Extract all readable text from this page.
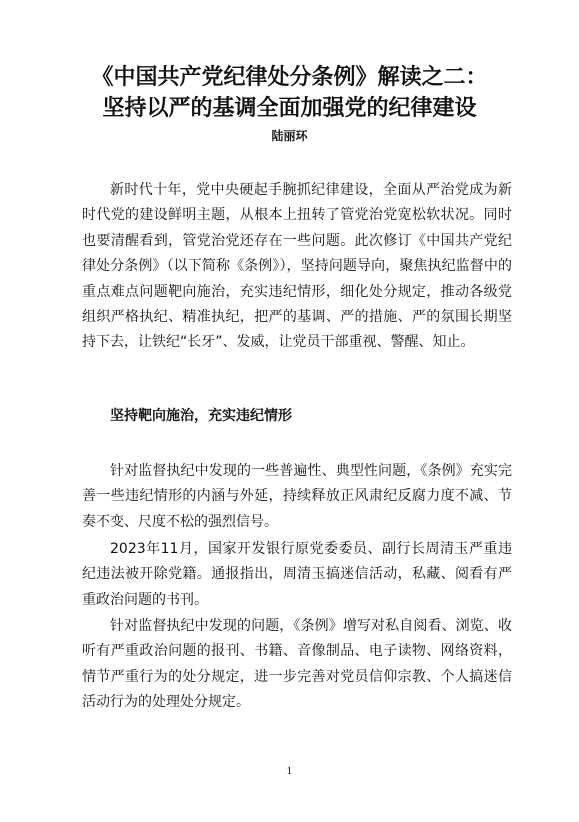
《中国共产党纪律处分条例》解读之二：
坚持以严的基调全面加强党的纪律建设
陆丽环

新时代十年，党中央硬起手腕抓纪律建设，全面从严治党成为新时代党的建设鲜明主题，从根本上扭转了管党治党宽松软状况。同时也要清醒看到，管党治党还存在一些问题。此次修订《中国共产党纪律处分条例》（以下简称《条例》），坚持问题导向，聚焦执纪监督中的重点难点问题靶向施治，充实违纪情形，细化处分规定，推动各级党组织严格执纪、精准执纪，把严的基调、严的措施、严的氛围长期坚持下去，让铁纪“长牙”、发威，让党员干部重视、警醒、知止。

坚持靶向施治，充实违纪情形

针对监督执纪中发现的一些普遍性、典型性问题，《条例》充实完善一些违纪情形的内涵与外延，持续释放正风肃纪反腐力度不减、节奏不变、尺度不松的强烈信号。

2023年11月，国家开发银行原党委委员、副行长周清玉严重违纪违法被开除党籍。通报指出，周清玉搞迷信活动，私藏、阅看有严重政治问题的书刊。

针对监督执纪中发现的问题，《条例》增写对私自阅看、浏览、收听有严重政治问题的报刊、书籍、音像制品、电子读物、网络资料，情节严重行为的处分规定，进一步完善对党员信仰宗教、个人搞迷信活动行为的处理处分规定。

1
